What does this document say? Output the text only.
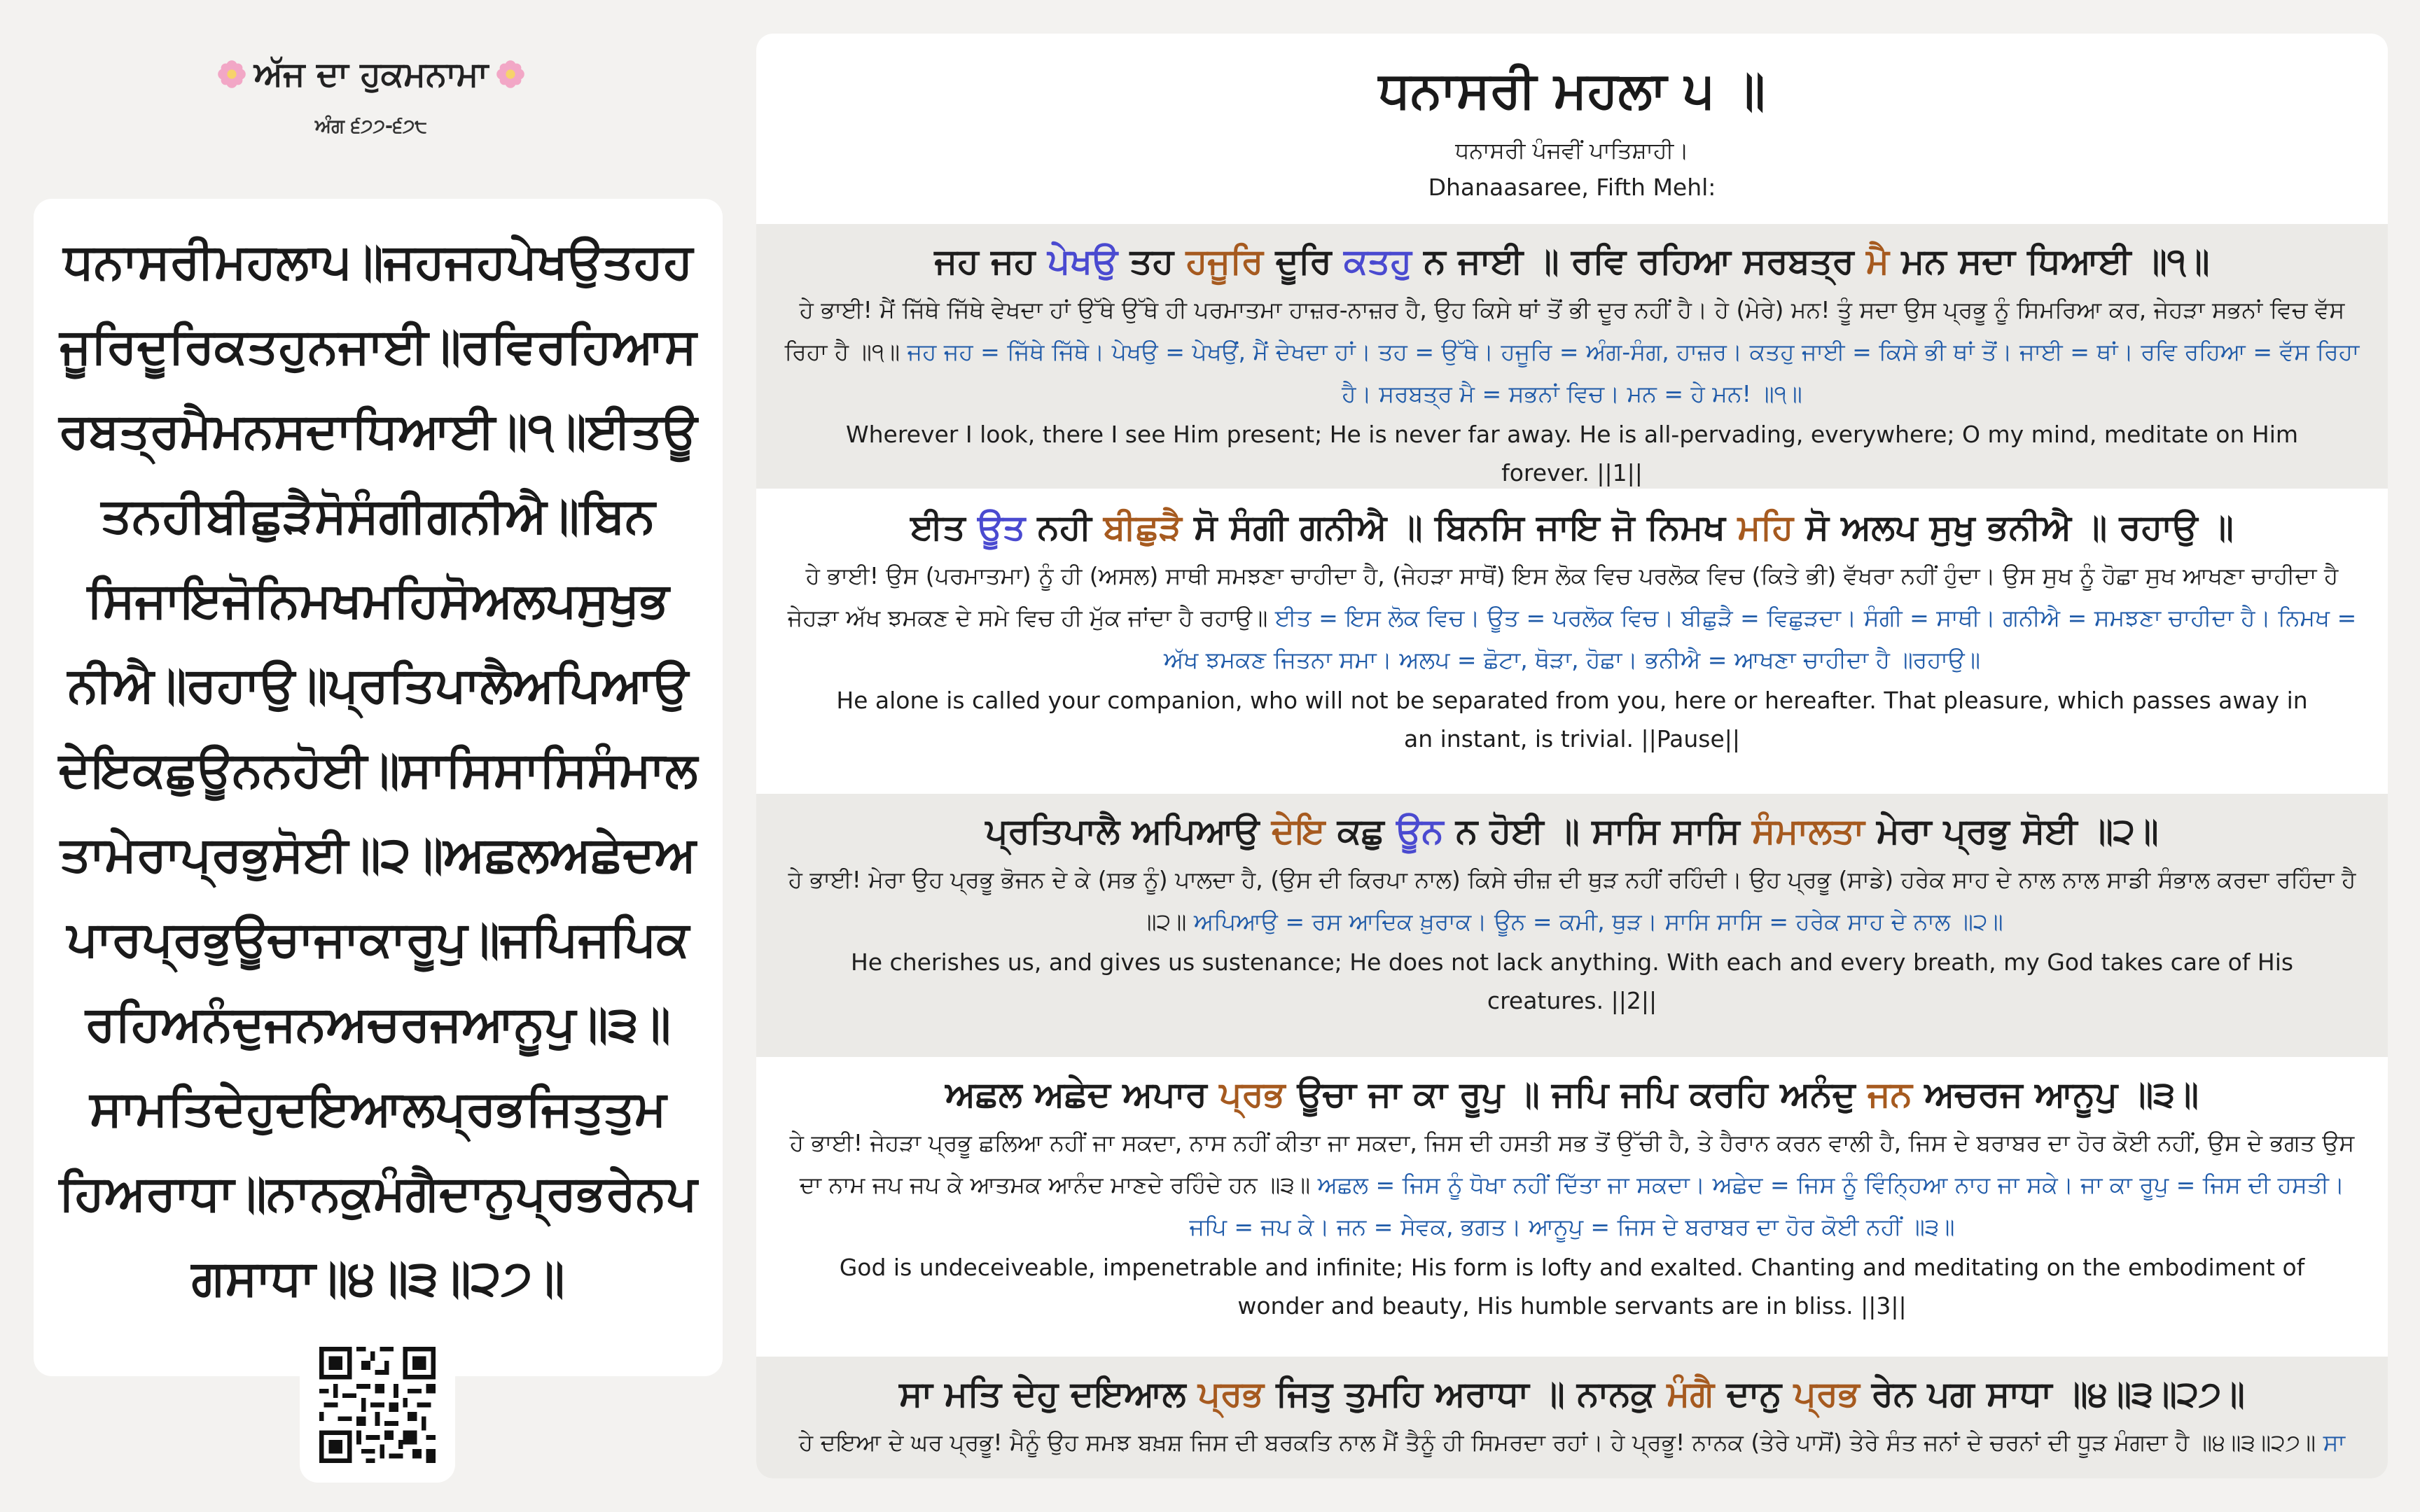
ਅੱਜ ਦਾ ਹੁਕਮਨਾਮਾ
ਅੰਗ ੬੭੭-੬੭੮
ਧਨਾਸਰੀਮਹਲਾ੫॥ਜਹਜਹਪੇਖਉਤਹਹਜੂਰਿਦੂਰਿਕਤਹੁਨਜਾਈ॥ਰਵਿਰਹਿਆਸਰਬਤ੍ਰਮੈਮਨਸਦਾਧਿਆਈ॥੧॥ਈਤਊਤਨਹੀਬੀਛੁੜੈਸੋਸੰਗੀਗਨੀਐ॥ਬਿਨਸਿਜਾਇਜੋਨਿਮਖਮਹਿਸੋਅਲਪਸੁਖੁਭਨੀਐ॥ਰਹਾਉ॥ਪ੍ਰਤਿਪਾਲੈਅਪਿਆਉਦੇਇਕਛੁਊਨਨਹੋਈ॥ਸਾਸਿਸਾਸਿਸੰਮਾਲਤਾਮੇਰਾਪ੍ਰਭੁਸੋਈ॥੨॥ਅਛਲਅਛੇਦਅਪਾਰਪ੍ਰਭੁਊਚਾਜਾਕਾਰੂਪੁ॥ਜਪਿਜਪਿਕਰਹਿਅਨੰਦੁਜਨਅਚਰਜਆਨੂਪੁ॥੩॥ਸਾਮਤਿਦੇਹੁਦਇਆਲਪ੍ਰਭਜਿਤੁਤੁਮਹਿਅਰਾਧਾ॥ਨਾਨਕੁਮੰਗੈਦਾਨੁਪ੍ਰਭਰੇਨਪਗਸਾਧਾ॥੪॥੩॥੨੭॥
ਧਨਾਸਰੀ ਮਹਲਾ ੫ ॥
ਧਨਾਸਰੀ ਪੰਜਵੀਂ ਪਾਤਿਸ਼ਾਹੀ।
Dhanaasaree, Fifth Mehl:
ਜਹ ਜਹ ਪੇਖਉ ਤਹ ਹਜੂਰਿ ਦੂਰਿ ਕਤਹੁ ਨ ਜਾਈ ॥ ਰਵਿ ਰਹਿਆ ਸਰਬਤ੍ਰ ਮੈ ਮਨ ਸਦਾ ਧਿਆਈ ॥੧॥
ਹੇ ਭਾਈ! ਮੈਂ ਜਿੱਥੇ ਜਿੱਥੇ ਵੇਖਦਾ ਹਾਂ ਉੱਥੇ ਉੱਥੇ ਹੀ ਪਰਮਾਤਮਾ ਹਾਜ਼ਰ-ਨਾਜ਼ਰ ਹੈ, ਉਹ ਕਿਸੇ ਥਾਂ ਤੋਂ ਭੀ ਦੂਰ ਨਹੀਂ ਹੈ। ਹੇ (ਮੇਰੇ) ਮਨ! ਤੂੰ ਸਦਾ ਉਸ ਪ੍ਰਭੂ ਨੂੰ ਸਿਮਰਿਆ ਕਰ, ਜੇਹੜਾ ਸਭਨਾਂ ਵਿਚ ਵੱਸ ਰਿਹਾ ਹੈ ॥੧॥ ਜਹ ਜਹ = ਜਿੱਥੇ ਜਿੱਥੇ। ਪੇਖਉ = ਪੇਖਉਂ, ਮੈਂ ਦੇਖਦਾ ਹਾਂ। ਤਹ = ਉੱਥੇ। ਹਜੂਰਿ = ਅੰਗ-ਸੰਗ, ਹਾਜ਼ਰ। ਕਤਹੁ ਜਾਈ = ਕਿਸੇ ਭੀ ਥਾਂ ਤੋਂ। ਜਾਈ = ਥਾਂ। ਰਵਿ ਰਹਿਆ = ਵੱਸ ਰਿਹਾ ਹੈ। ਸਰਬਤ੍ਰ ਮੈ = ਸਭਨਾਂ ਵਿਚ। ਮਨ = ਹੇ ਮਨ! ॥੧॥
Wherever I look, there I see Him present; He is never far away. He is all-pervading, everywhere; O my mind, meditate on Him forever. ||1||
ਈਤ ਊਤ ਨਹੀ ਬੀਛੁੜੈ ਸੋ ਸੰਗੀ ਗਨੀਐ ॥ ਬਿਨਸਿ ਜਾਇ ਜੋ ਨਿਮਖ ਮਹਿ ਸੋ ਅਲਪ ਸੁਖੁ ਭਨੀਐ ॥ ਰਹਾਉ ॥
ਹੇ ਭਾਈ! ਉਸ (ਪਰਮਾਤਮਾ) ਨੂੰ ਹੀ (ਅਸਲ) ਸਾਥੀ ਸਮਝਣਾ ਚਾਹੀਦਾ ਹੈ, (ਜੇਹੜਾ ਸਾਥੋਂ) ਇਸ ਲੋਕ ਵਿਚ ਪਰਲੋਕ ਵਿਚ (ਕਿਤੇ ਭੀ) ਵੱਖਰਾ ਨਹੀਂ ਹੁੰਦਾ। ਉਸ ਸੁਖ ਨੂੰ ਹੋਛਾ ਸੁਖ ਆਖਣਾ ਚਾਹੀਦਾ ਹੈ ਜੇਹੜਾ ਅੱਖ ਝਮਕਣ ਦੇ ਸਮੇ ਵਿਚ ਹੀ ਮੁੱਕ ਜਾਂਦਾ ਹੈ ਰਹਾਉ॥ ਈਤ = ਇਸ ਲੋਕ ਵਿਚ। ਊਤ = ਪਰਲੋਕ ਵਿਚ। ਬੀਛੁੜੈ = ਵਿਛੁੜਦਾ। ਸੰਗੀ = ਸਾਥੀ। ਗਨੀਐ = ਸਮਝਣਾ ਚਾਹੀਦਾ ਹੈ। ਨਿਮਖ = ਅੱਖ ਝਮਕਣ ਜਿਤਨਾ ਸਮਾ। ਅਲਪ = ਛੋਟਾ, ਥੋੜਾ, ਹੋਛਾ। ਭਨੀਐ = ਆਖਣਾ ਚਾਹੀਦਾ ਹੈ ॥ਰਹਾਉ॥
He alone is called your companion, who will not be separated from you, here or hereafter. That pleasure, which passes away in an instant, is trivial. ||Pause||
ਪ੍ਰਤਿਪਾਲੈ ਅਪਿਆਉ ਦੇਇ ਕਛੁ ਊਨ ਨ ਹੋਈ ॥ ਸਾਸਿ ਸਾਸਿ ਸੰਮਾਲਤਾ ਮੇਰਾ ਪ੍ਰਭੁ ਸੋਈ ॥੨॥
ਹੇ ਭਾਈ! ਮੇਰਾ ਉਹ ਪ੍ਰਭੂ ਭੋਜਨ ਦੇ ਕੇ (ਸਭ ਨੂੰ) ਪਾਲਦਾ ਹੈ, (ਉਸ ਦੀ ਕਿਰਪਾ ਨਾਲ) ਕਿਸੇ ਚੀਜ਼ ਦੀ ਥੁੜ ਨਹੀਂ ਰਹਿੰਦੀ। ਉਹ ਪ੍ਰਭੂ (ਸਾਡੇ) ਹਰੇਕ ਸਾਹ ਦੇ ਨਾਲ ਨਾਲ ਸਾਡੀ ਸੰਭਾਲ ਕਰਦਾ ਰਹਿੰਦਾ ਹੈ ॥੨॥ ਅਪਿਆਉ = ਰਸ ਆਦਿਕ ਖ਼ੁਰਾਕ। ਊਨ = ਕਮੀ, ਥੁੜ। ਸਾਸਿ ਸਾਸਿ = ਹਰੇਕ ਸਾਹ ਦੇ ਨਾਲ ॥੨॥
He cherishes us, and gives us sustenance; He does not lack anything. With each and every breath, my God takes care of His creatures. ||2||
ਅਛਲ ਅਛੇਦ ਅਪਾਰ ਪ੍ਰਭ ਊਚਾ ਜਾ ਕਾ ਰੂਪੁ ॥ ਜਪਿ ਜਪਿ ਕਰਹਿ ਅਨੰਦੁ ਜਨ ਅਚਰਜ ਆਨੂਪੁ ॥੩॥
ਹੇ ਭਾਈ! ਜੇਹੜਾ ਪ੍ਰਭੂ ਛਲਿਆ ਨਹੀਂ ਜਾ ਸਕਦਾ, ਨਾਸ ਨਹੀਂ ਕੀਤਾ ਜਾ ਸਕਦਾ, ਜਿਸ ਦੀ ਹਸਤੀ ਸਭ ਤੋਂ ਉੱਚੀ ਹੈ, ਤੇ ਹੈਰਾਨ ਕਰਨ ਵਾਲੀ ਹੈ, ਜਿਸ ਦੇ ਬਰਾਬਰ ਦਾ ਹੋਰ ਕੋਈ ਨਹੀਂ, ਉਸ ਦੇ ਭਗਤ ਉਸ ਦਾ ਨਾਮ ਜਪ ਜਪ ਕੇ ਆਤਮਕ ਆਨੰਦ ਮਾਣਦੇ ਰਹਿੰਦੇ ਹਨ ॥੩॥ ਅਛਲ = ਜਿਸ ਨੂੰ ਧੋਖਾ ਨਹੀਂ ਦਿੱਤਾ ਜਾ ਸਕਦਾ। ਅਛੇਦ = ਜਿਸ ਨੂੰ ਵਿੰਨ੍ਹਿਆ ਨਾਹ ਜਾ ਸਕੇ। ਜਾ ਕਾ ਰੂਪੁ = ਜਿਸ ਦੀ ਹਸਤੀ। ਜਪਿ = ਜਪ ਕੇ। ਜਨ = ਸੇਵਕ, ਭਗਤ। ਆਨੂਪੁ = ਜਿਸ ਦੇ ਬਰਾਬਰ ਦਾ ਹੋਰ ਕੋਈ ਨਹੀਂ ॥੩॥
God is undeceiveable, impenetrable and infinite; His form is lofty and exalted. Chanting and meditating on the embodiment of wonder and beauty, His humble servants are in bliss. ||3||
ਸਾ ਮਤਿ ਦੇਹੁ ਦਇਆਲ ਪ੍ਰਭ ਜਿਤੁ ਤੁਮਹਿ ਅਰਾਧਾ ॥ ਨਾਨਕੁ ਮੰਗੈ ਦਾਨੁ ਪ੍ਰਭ ਰੇਨ ਪਗ ਸਾਧਾ ॥੪॥੩॥੨੭॥
ਹੇ ਦਇਆ ਦੇ ਘਰ ਪ੍ਰਭੂ! ਮੈਨੂੰ ਉਹ ਸਮਝ ਬਖ਼ਸ਼ ਜਿਸ ਦੀ ਬਰਕਤਿ ਨਾਲ ਮੈਂ ਤੈਨੂੰ ਹੀ ਸਿਮਰਦਾ ਰਹਾਂ। ਹੇ ਪ੍ਰਭੂ! ਨਾਨਕ (ਤੇਰੇ ਪਾਸੋਂ) ਤੇਰੇ ਸੰਤ ਜਨਾਂ ਦੇ ਚਰਨਾਂ ਦੀ ਧੂੜ ਮੰਗਦਾ ਹੈ ॥੪॥੩॥੨੭॥ ਸਾ
